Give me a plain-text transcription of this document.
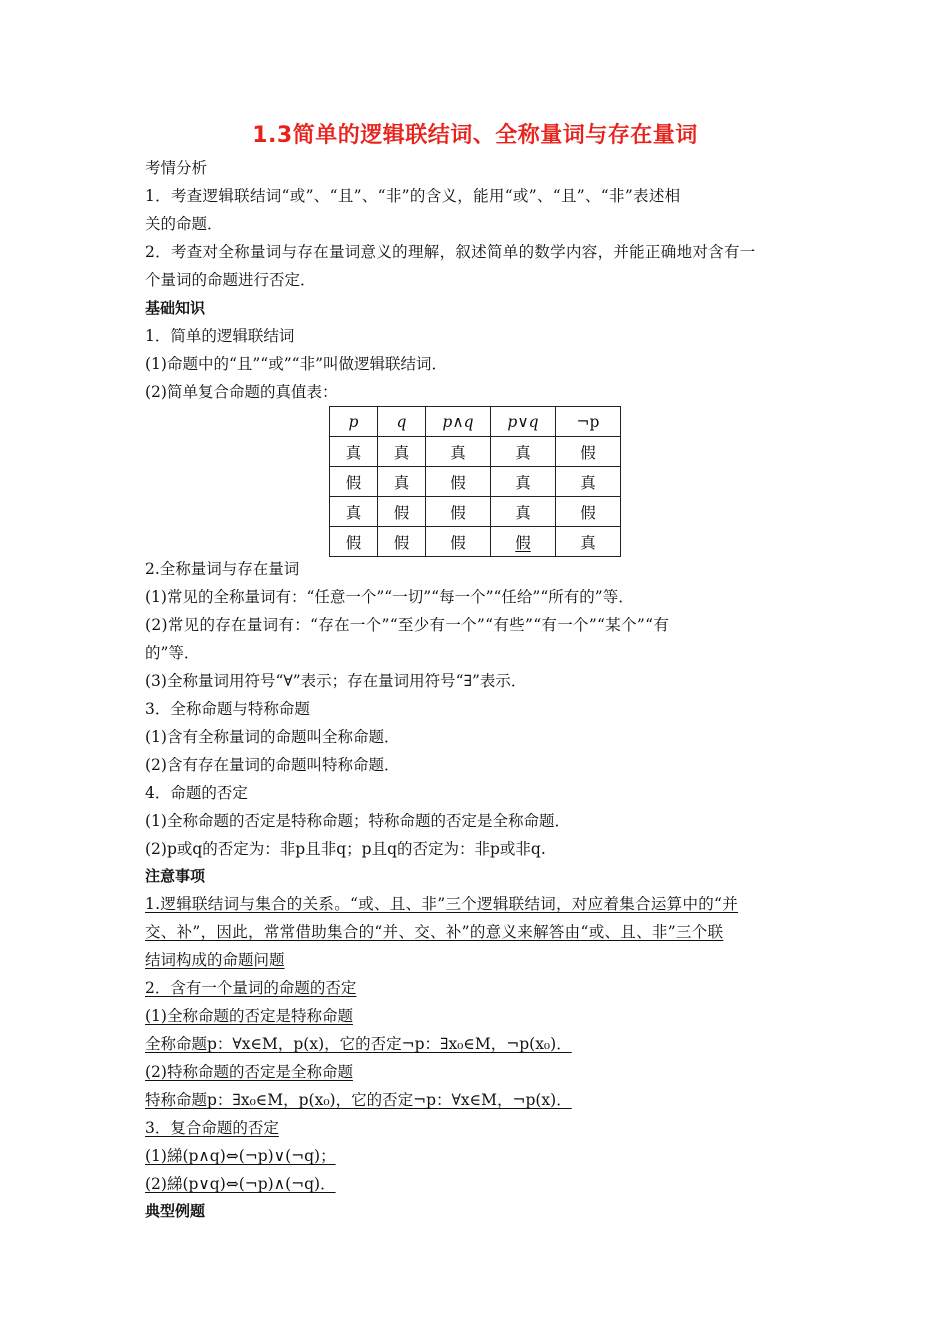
1.3简单的逻辑联结词、全称量词与存在量词
考情分析
1．考查逻辑联结词“或”、“且”、“非”的含义，能用“或”、“且”、“非”表述相
关的命题．
2．考查对全称量词与存在量词意义的理解，叙述简单的数学内容，并能正确地对含有一
个量词的命题进行否定．
基础知识
1．简单的逻辑联结词
(1)命题中的“且”“或”“非”叫做逻辑联结词．
(2)简单复合命题的真值表：
p	q	p∧q	p∨q	¬p
真	真	真	真	假
假	真	假	真	真
真	假	假	真	假
假	假	假	假	真
2.全称量词与存在量词
(1)常见的全称量词有：“任意一个”“一切”“每一个”“任给”“所有的”等．
(2)常见的存在量词有：“存在一个”“至少有一个”“有些”“有一个”“某个”“有
的”等．
(3)全称量词用符号“∀”表示；存在量词用符号“∃”表示．
3．全称命题与特称命题
(1)含有全称量词的命题叫全称命题．
(2)含有存在量词的命题叫特称命题．
4．命题的否定
(1)全称命题的否定是特称命题；特称命题的否定是全称命题．
(2)p或q的否定为：非p且非q；p且q的否定为：非p或非q.
注意事项
1.逻辑联结词与集合的关系。“或、且、非”三个逻辑联结词，对应着集合运算中的“并
交、补”，因此，常常借助集合的“并、交、补”的意义来解答由“或、且、非”三个联
结词构成的命题问题
2．含有一个量词的命题的否定
(1)全称命题的否定是特称命题
全称命题p：∀x∈M，p(x)，它的否定¬p：∃x₀∈M，¬p(x₀)．
(2)特称命题的否定是全称命题
特称命题p：∃x₀∈M，p(x₀)，它的否定¬p：∀x∈M，¬p(x)．
3．复合命题的否定
(1)綈(p∧q)⇔(¬p)∨(¬q)；
(2)綈(p∨q)⇔(¬p)∧(¬q)．
典型例题
